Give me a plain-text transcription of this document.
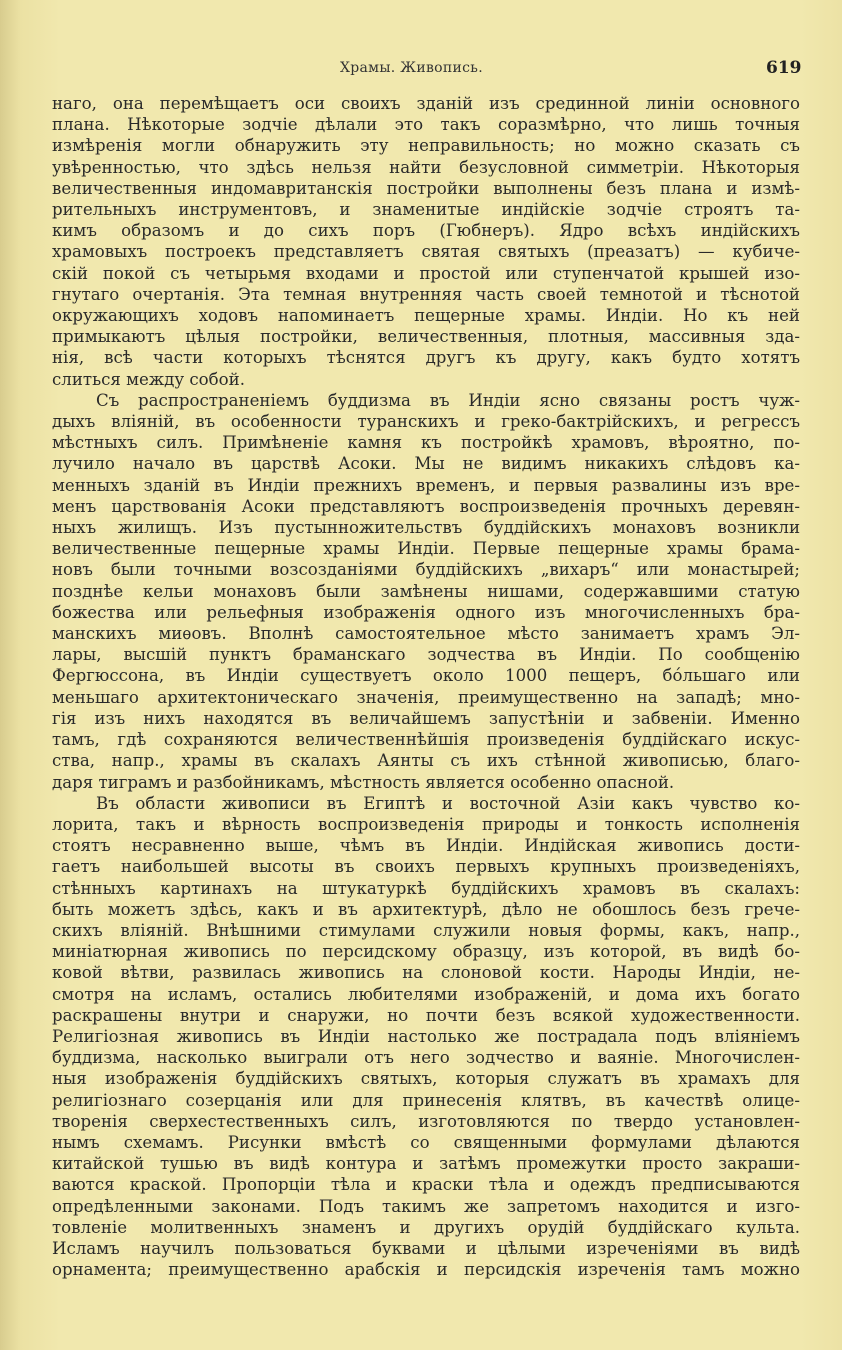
Храмы. Живопись.	619
наго, она перемѣщаетъ оси своихъ зданій изъ срединной линіи основного
плана. Нѣкоторые зодчіе дѣлали это такъ соразмѣрно, что лишь точныя
измѣренія могли обнаружить эту неправильность; но можно сказать съ
увѣренностью, что здѣсь нельзя найти безусловной симметріи. Нѣкоторыя
величественныя индомавританскія постройки выполнены безъ плана и измѣ-
рительныхъ инструментовъ, и знаменитые индійскіе зодчіе строятъ та-
кимъ образомъ и до сихъ поръ (Гюбнеръ). Ядро всѣхъ индійскихъ
храмовыхъ построекъ представляетъ святая святыхъ (преазатъ) — кубиче-
скій покой съ четырьмя входами и простой или ступенчатой крышей изо-
гнутаго очертанія. Эта темная внутренняя часть своей темнотой и тѣснотой
окружающихъ ходовъ напоминаетъ пещерные храмы. Индіи. Но къ ней
примыкаютъ цѣлыя постройки, величественныя, плотныя, массивныя зда-
нія, всѣ части которыхъ тѣснятся другъ къ другу, какъ будто хотятъ
слиться между собой.
Съ распространеніемъ буддизма въ Индіи ясно связаны ростъ чуж-
дыхъ вліяній, въ особенности туранскихъ и греко-бактрійскихъ, и регрессъ
мѣстныхъ силъ. Примѣненіе камня къ постройкѣ храмовъ, вѣроятно, по-
лучило начало въ царствѣ Асоки. Мы не видимъ никакихъ слѣдовъ ка-
менныхъ зданій въ Индіи прежнихъ временъ, и первыя развалины изъ вре-
менъ царствованія Асоки представляютъ воспроизведенія прочныхъ деревян-
ныхъ жилищъ. Изъ пустынножительствъ буддійскихъ монаховъ возникли
величественные пещерные храмы Индіи. Первые пещерные храмы брама-
новъ были точными возсозданіями буддійскихъ „вихаръ“ или монастырей;
позднѣе кельи монаховъ были замѣнены нишами, содержавшими статую
божества или рельефныя изображенія одного изъ многочисленныхъ бра-
манскихъ миѳовъ. Вполнѣ самостоятельное мѣсто занимаетъ храмъ Эл-
лары, высшій пунктъ браманскаго зодчества въ Индіи. По сообщенію
Фергюссона, въ Индіи существуетъ около 1000 пещеръ, бóльшаго или
меньшаго архитектоническаго значенія, преимущественно на западѣ; мно-
гія изъ нихъ находятся въ величайшемъ запустѣніи и забвеніи. Именно
тамъ, гдѣ сохраняются величественнѣйшія произведенія буддійскаго искус-
ства, напр., храмы въ скалахъ Аянты съ ихъ стѣнной живописью, благо-
даря тиграмъ и разбойникамъ, мѣстность является особенно опасной.
Въ области живописи въ Египтѣ и восточной Азіи какъ чувство ко-
лорита, такъ и вѣрность воспроизведенія природы и тонкость исполненія
стоятъ несравненно выше, чѣмъ въ Индіи. Индійская живопись дости-
гаетъ наибольшей высоты въ своихъ первыхъ крупныхъ произведеніяхъ,
стѣнныхъ картинахъ на штукатуркѣ буддійскихъ храмовъ въ скалахъ:
быть можетъ здѣсь, какъ и въ архитектурѣ, дѣло не обошлось безъ грече-
скихъ вліяній. Внѣшними стимулами служили новыя формы, какъ, напр.,
миніатюрная живопись по персидскому образцу, изъ которой, въ видѣ бо-
ковой вѣтви, развилась живопись на слоновой кости. Народы Индіи, не-
смотря на исламъ, остались любителями изображеній, и дома ихъ богато
раскрашены внутри и снаружи, но почти безъ всякой художественности.
Религіозная живопись въ Индіи настолько же пострадала подъ вліяніемъ
буддизма, насколько выиграли отъ него зодчество и ваяніе. Многочислен-
ныя изображенія буддійскихъ святыхъ, которыя служатъ въ храмахъ для
религіознаго созерцанія или для принесенія клятвъ, въ качествѣ олице-
творенія сверхестественныхъ силъ, изготовляются по твердо установлен-
нымъ схемамъ. Рисунки вмѣстѣ со священными формулами дѣлаются
китайской тушью въ видѣ контура и затѣмъ промежутки просто закраши-
ваются краской. Пропорціи тѣла и краски тѣла и одеждъ предписываются
опредѣленными законами. Подъ такимъ же запретомъ находится и изго-
товленіе молитвенныхъ знаменъ и другихъ орудій буддійскаго культа.
Исламъ научилъ пользоваться буквами и цѣлыми изреченіями въ видѣ
орнамента; преимущественно арабскія и персидскія изреченія тамъ можно
